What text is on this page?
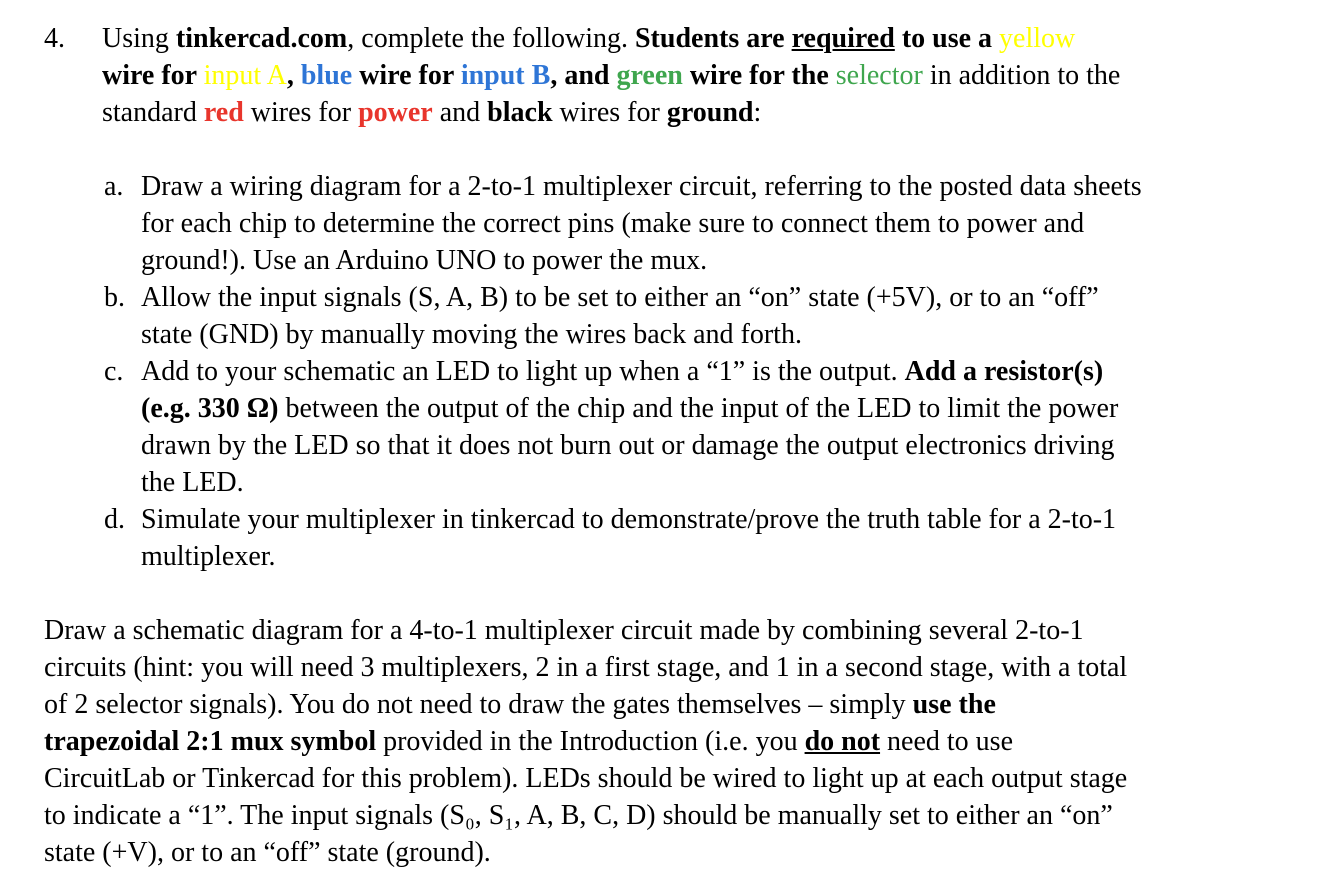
4. Using tinkercad.com, complete the following. Students are required to use a yellow
wire for input A, blue wire for input B, and green wire for the selector in addition to the
standard red wires for power and black wires for ground:
a. Draw a wiring diagram for a 2-to-1 multiplexer circuit, referring to the posted data sheets
for each chip to determine the correct pins (make sure to connect them to power and
ground!). Use an Arduino UNO to power the mux.
b. Allow the input signals (S, A, B) to be set to either an “on” state (+5V), or to an “off”
state (GND) by manually moving the wires back and forth.
c. Add to your schematic an LED to light up when a “1” is the output. Add a resistor(s)
(e.g. 330 Ω) between the output of the chip and the input of the LED to limit the power
drawn by the LED so that it does not burn out or damage the output electronics driving
the LED.
d. Simulate your multiplexer in tinkercad to demonstrate/prove the truth table for a 2-to-1
multiplexer.
Draw a schematic diagram for a 4-to-1 multiplexer circuit made by combining several 2-to-1
circuits (hint: you will need 3 multiplexers, 2 in a first stage, and 1 in a second stage, with a total
of 2 selector signals). You do not need to draw the gates themselves – simply use the
trapezoidal 2:1 mux symbol provided in the Introduction (i.e. you do not need to use
CircuitLab or Tinkercad for this problem). LEDs should be wired to light up at each output stage
to indicate a “1”. The input signals (S₀, S₁, A, B, C, D) should be manually set to either an “on”
state (+V), or to an “off” state (ground).
